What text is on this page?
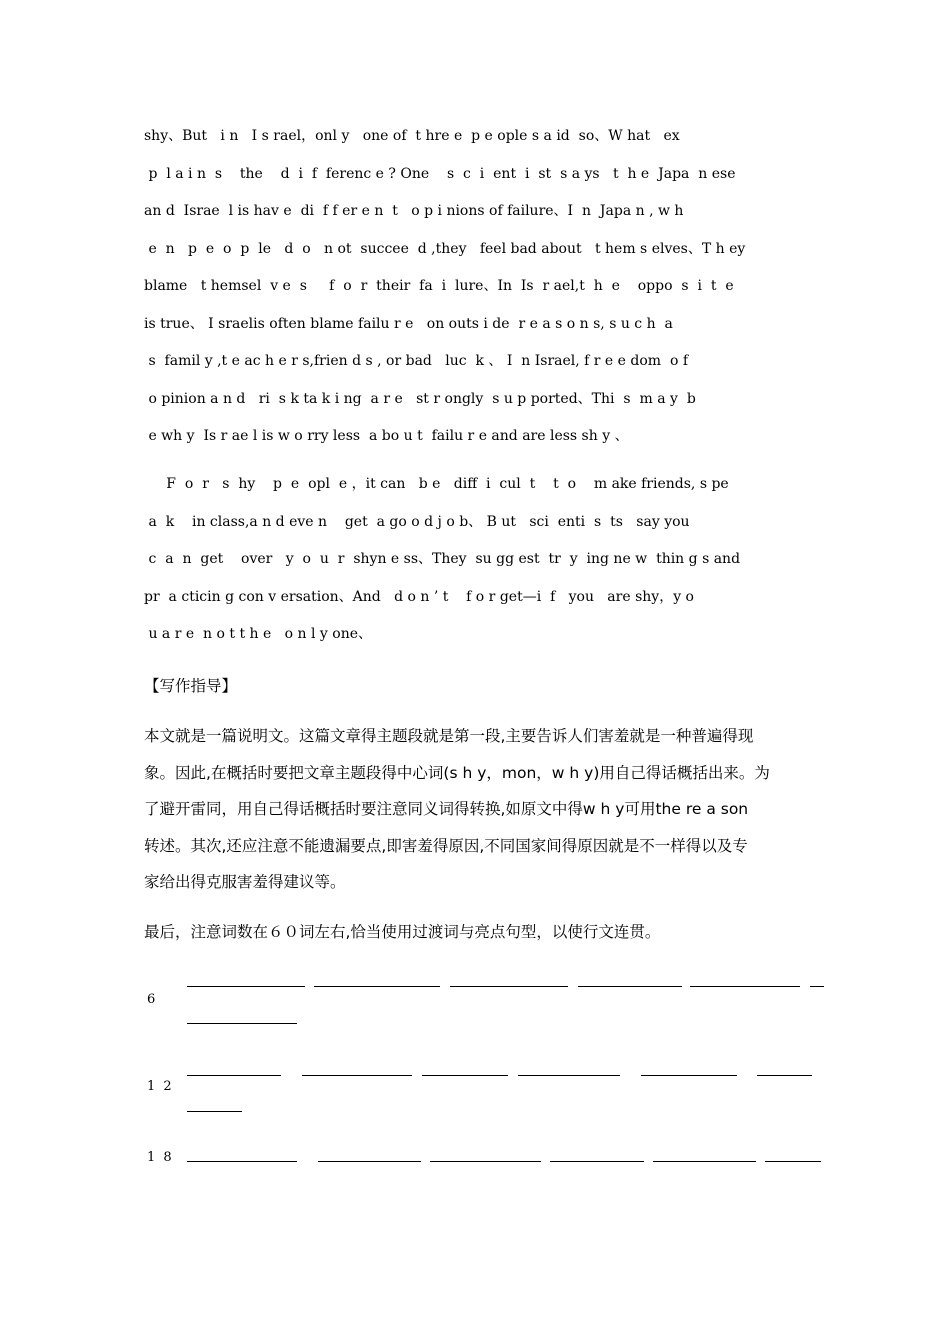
shy、But   i n   I s rael，onl y   one of  t hre e  p e ople s a id  so、W hat   ex
p  l a i n  s    the    d  i  f  ferenc e ? One    s  c  i  ent  i  st  s a ys   t  h e  Japa  n ese
an d  Israe  l is hav e  di  f f er e n  t   o p i nions of failure、I  n  Japa n , w h
e  n   p  e  o  p  le   d  o   n ot  succee  d ,they   feel bad about   t hem s elves、T h ey
blame   t hemsel  v e  s     f  o  r  their  fa  i  lure、In  Is  r ael,t  h  e    oppo  s  i  t  e
is true、 I sraelis often blame failu r e   on outs i de  r e a s o n s, s u c h  a
s  famil y ,t e ac h e r s,frien d s , or bad   luc  k 、 I  n Israel, f r e e dom  o f
o pinion a n d   ri  s k ta k i ng  a r e   st r ongly  s u p ported、Thi  s  m a y  b
e wh y  Is r ae l is w o rry less  a bo u t  failu r e and are less sh y 、
F  o  r   s  hy    p  e  opl  e ，it can   b e   diff  i  cul  t    t  o    m ake friends, s pe
a  k    in class,a n d eve n    get  a go o d j o b、 B ut   sci  enti  s  ts   say you
c  a  n  get    over   y  o  u  r  shyn e ss、They  su gg est  tr  y  ing ne w  thin g s and
pr  a cticin g con v ersation、And   d o n ’ t    f o r get—i  f   you   are shy，y o
u a r e  n o t t h e   o n l y one、
【写作指导】
本文就是一篇说明文。这篇文章得主题段就是第一段,主要告诉人们害羞就是一种普遍得现
象。因此,在概括时要把文章主题段得中心词(s h y，mon，w h y)用自己得话概括出来。为
了避开雷同，用自己得话概括时要注意同义词得转换,如原文中得w h y可用the re a son
转述。其次,还应注意不能遗漏要点,即害羞得原因,不同国家间得原因就是不一样得以及专
家给出得克服害羞得建议等。
最后，注意词数在６０词左右,恰当使用过渡词与亮点句型，以使行文连贯。
6
1 2
1 8
